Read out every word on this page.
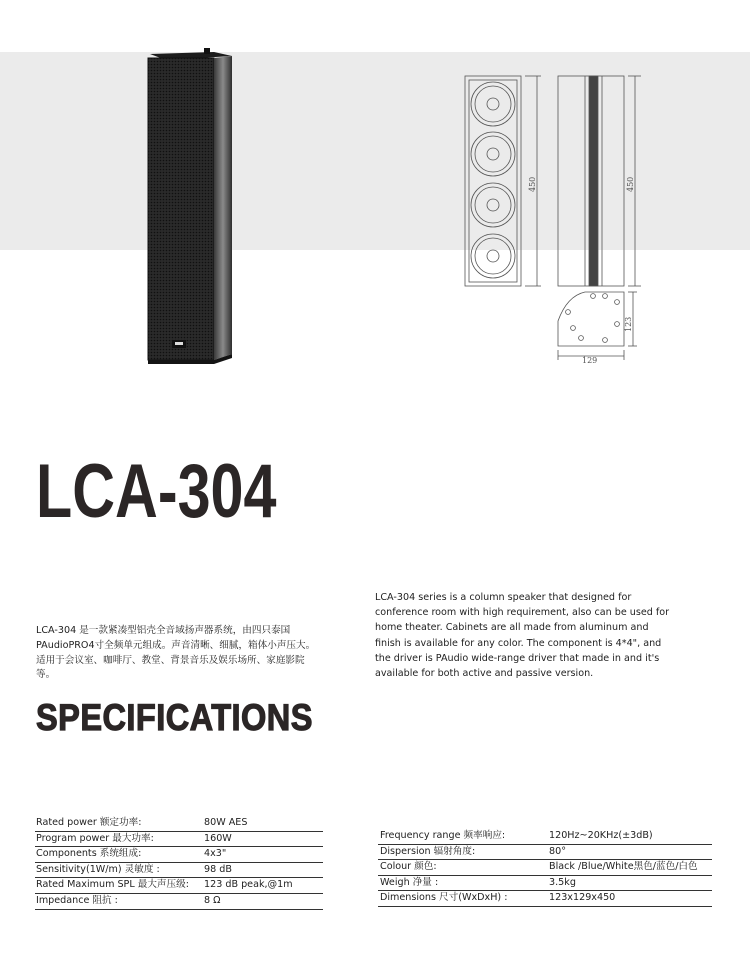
450	450
123
129
LCA-304
LCA-304 是一款紧凑型铝壳全音域扬声器系统，由四只泰国PAudioPRO4寸全频单元组成。声音清晰、细腻，箱体小声压大。适用于会议室、咖啡厅、教堂、背景音乐及娱乐场所、家庭影院等。
LCA-304 series is a column speaker that designed for conference room with high requirement, also can be used for home theater. Cabinets are all made from aluminum and finish is available for any color. The component is 4*4", and the driver is PAudio wide-range driver that made in and it's available for both active and passive version.
SPECIFICATIONS
Rated power 额定功率:	80W AES
Program power 最大功率:	160W
Components 系统组成:	4x3"
Sensitivity(1W/m) 灵敏度 :	98 dB
Rated Maximum SPL 最大声压级:	123 dB peak,@1m
Impedance 阻抗 :	8 Ω
Frequency range 频率响应:	120Hz~20KHz(±3dB)
Dispersion 辐射角度:	80°
Colour 颜色:	Black /Blue/White黑色/蓝色/白色
Weigh 净量 :	3.5kg
Dimensions 尺寸(WxDxH) :	123x129x450
